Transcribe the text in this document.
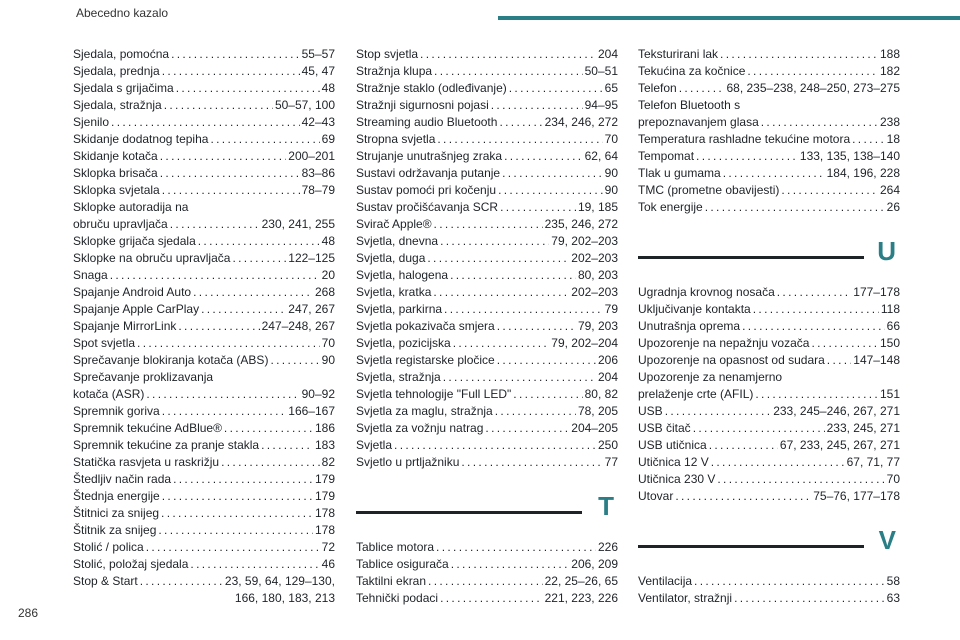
Abecedno kazalo
Sjedala, pomoćna . . .	55–57
Sjedala, prednja . . .	45, 47
Sjedala s grijačima . . .	48
Sjedala, stražnja . . .	50–57, 100
Sjenilo . . .	42–43
Skidanje dodatnog tepiha . . .	69
Skidanje kotača . . .	200–201
Sklopka brisača . . .	83–86
Sklopka svjetala . . .	78–79
Sklopke autoradija na
obruču upravljača . . .	230, 241, 255
Sklopke grijača sjedala . . .	48
Sklopke na obruču upravljača . . .	122–125
Snaga . . .	20
Spajanje Android Auto . . .	268
Spajanje Apple CarPlay . . .	247, 267
Spajanje MirrorLink . . .	247–248, 267
Spot svjetla . . .	70
Sprečavanje blokiranja kotača (ABS) . . .	90
Sprečavanje proklizavanja
kotača (ASR) . . .	90–92
Spremnik goriva . . .	166–167
Spremnik tekućine AdBlue® . . .	186
Spremnik tekućine za pranje stakla . . .	183
Statička rasvjeta u raskrižju . . .	82
Štedljiv način rada . . .	179
Štednja energije . . .	179
Štitnici za snijeg . . .	178
Štitnik za snijeg . . .	178
Stolić / polica . . .	72
Stolić, položaj sjedala . . .	46
Stop & Start . . .	23, 59, 64, 129–130,
166, 180, 183, 213
Stop svjetla . . .	204
Stražnja klupa . . .	50–51
Stražnje staklo (odleđivanje) . . .	65
Stražnji sigurnosni pojasi . . .	94–95
Streaming audio Bluetooth . . .	234, 246, 272
Stropna svjetla . . .	70
Strujanje unutrašnjeg zraka . . .	62, 64
Sustavi održavanja putanje . . .	90
Sustav pomoći pri kočenju . . .	90
Sustav pročišćavanja SCR . . .	19, 185
Svirač Apple® . . .	235, 246, 272
Svjetla, dnevna . . .	79, 202–203
Svjetla, duga . . .	202–203
Svjetla, halogena . . .	80, 203
Svjetla, kratka . . .	202–203
Svjetla, parkirna . . .	79
Svjetla pokazivača smjera . . .	79, 203
Svjetla, pozicijska . . .	79, 202–204
Svjetla registarske pločice . . .	206
Svjetla, stražnja . . .	204
Svjetla tehnologije "Full LED" . . .	80, 82
Svjetla za maglu, stražnja . . .	78, 205
Svjetla za vožnju natrag . . .	204–205
Svjetla . . .	250
Svjetlo u prtljažniku . . .	77
T
Tablice motora . . .	226
Tablice osigurača . . .	206, 209
Taktilni ekran . . .	22, 25–26, 65
Tehnički podaci . . .	221, 223, 226
Teksturirani lak . . .	188
Tekućina za kočnice . . .	182
Telefon . . .	68, 235–238, 248–250, 273–275
Telefon Bluetooth s
prepoznavanjem glasa . . .	238
Temperatura rashladne tekućine motora . . .	18
Tempomat . . .	133, 135, 138–140
Tlak u gumama . . .	184, 196, 228
TMC (prometne obavijesti) . . .	264
Tok energije . . .	26
U
Ugradnja krovnog nosača . . .	177–178
Uključivanje kontakta . . .	118
Unutrašnja oprema . . .	66
Upozorenje na nepažnju vozača . . .	150
Upozorenje na opasnost od sudara . . . 147–148
Upozorenje za nenamjerno
prelaženje crte (AFIL) . . .	151
USB . . .	233, 245–246, 267, 271
USB čitač . . .	233, 245, 271
USB utičnica . . .	67, 233, 245, 267, 271
Utičnica 12 V . . .	67, 71, 77
Utičnica 230 V . . .	70
Utovar . . .	75–76, 177–178
V
Ventilacija . . .	58
Ventilator, stražnji . . .	63
286
